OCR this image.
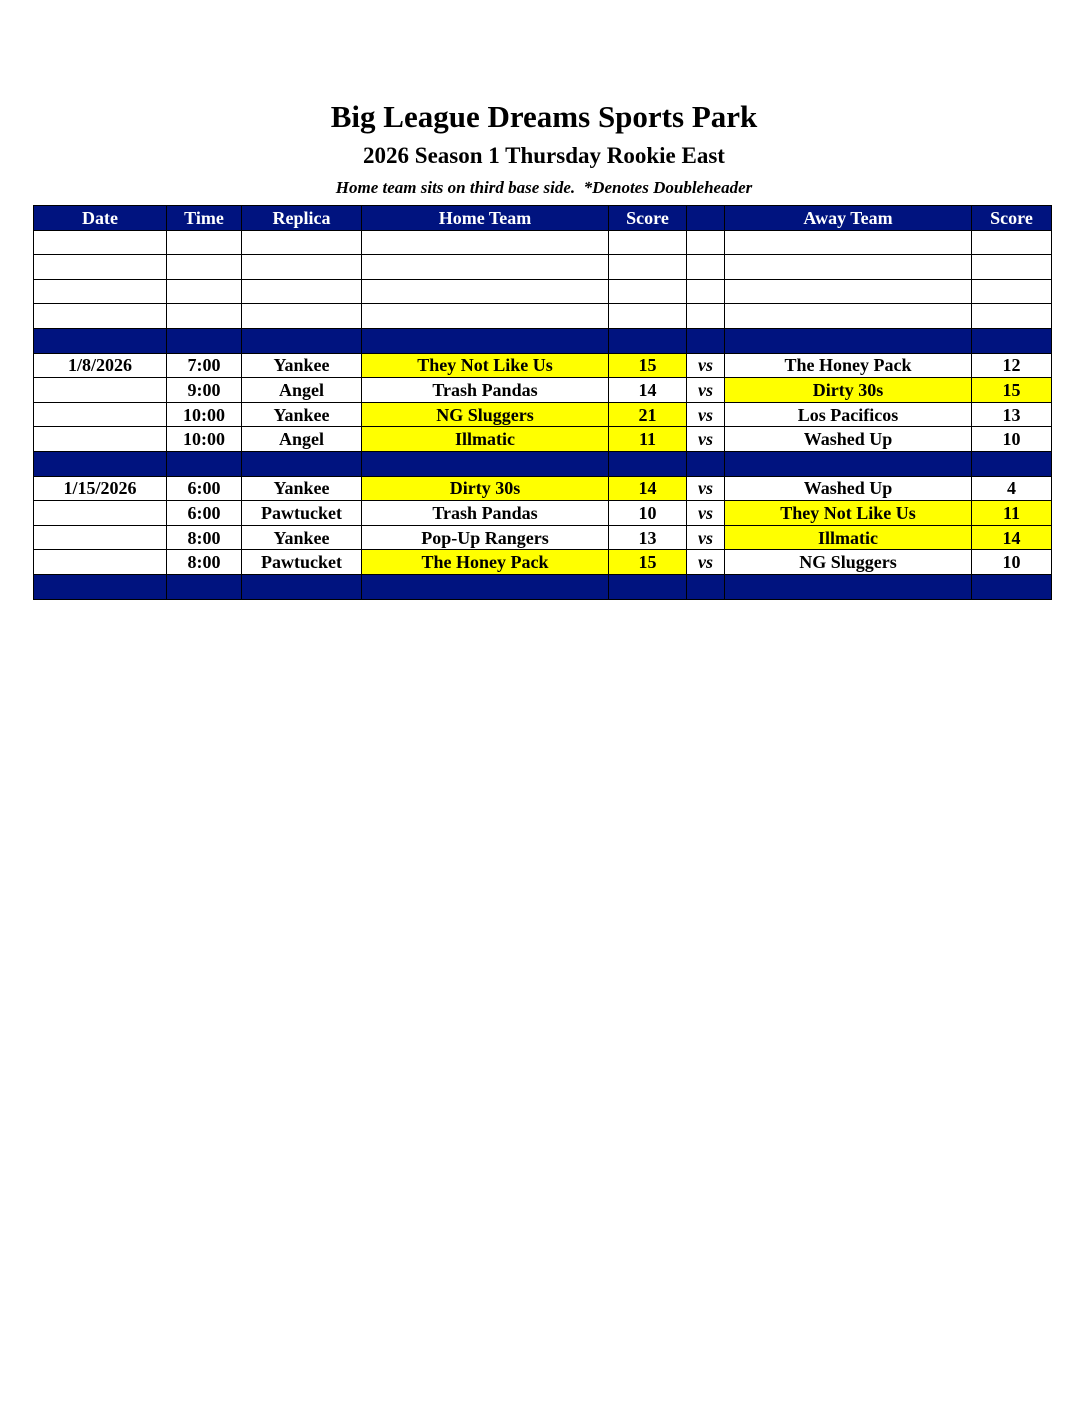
Big League Dreams Sports Park
2026 Season 1 Thursday Rookie East
Home team sits on third base side.  *Denotes Doubleheader
Date	Time	Replica	Home Team	Score		Away Team	Score

1/8/2026	7:00	Yankee	They Not Like Us	15	vs	The Honey Pack	12
	9:00	Angel	Trash Pandas	14	vs	Dirty 30s	15
	10:00	Yankee	NG Sluggers	21	vs	Los Pacificos	13
	10:00	Angel	Illmatic	11	vs	Washed Up	10

1/15/2026	6:00	Yankee	Dirty 30s	14	vs	Washed Up	4
	6:00	Pawtucket	Trash Pandas	10	vs	They Not Like Us	11
	8:00	Yankee	Pop-Up Rangers	13	vs	Illmatic	14
	8:00	Pawtucket	The Honey Pack	15	vs	NG Sluggers	10
